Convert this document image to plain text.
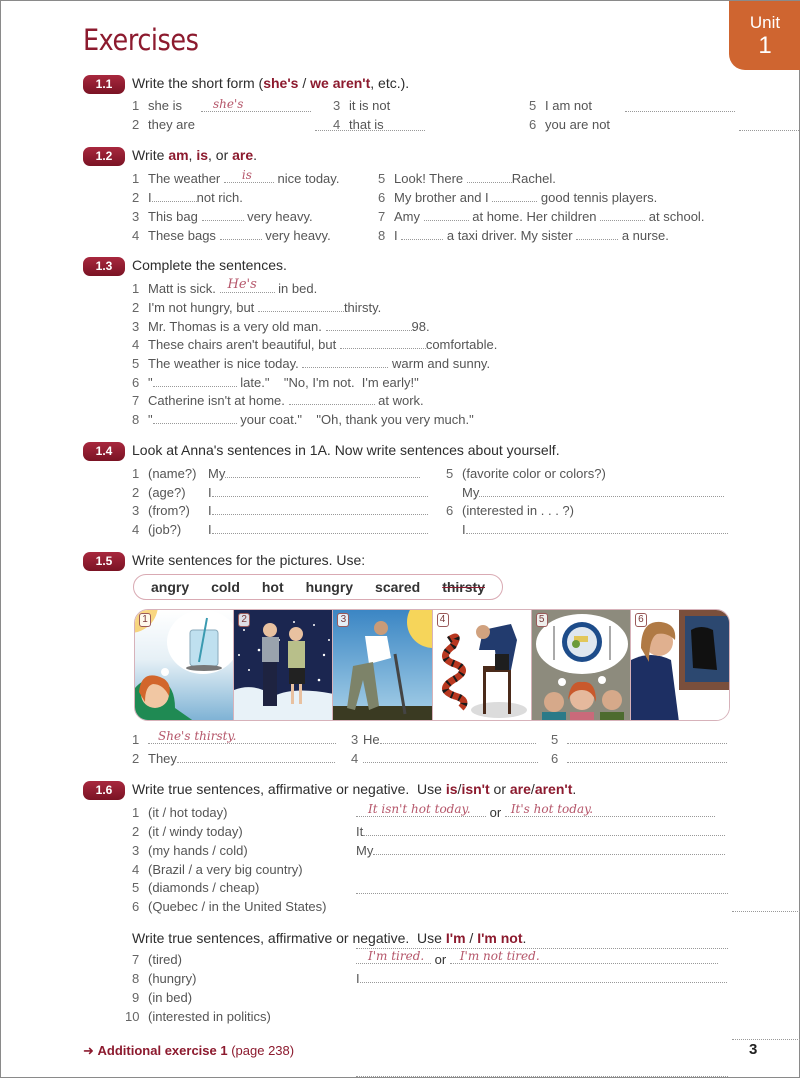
Exercises
Unit
1
1.1	Write the short form (she's / we aren't, etc.).
1 she is	she's

2 they are

3 it is not

4 that is

5 I am not

6 you are not

1.2	Write am, is, or are.
1 The weather is nice today.
2 I	not rich.
3 This bag	very heavy.
4 These bags	very heavy.
5 Look! There	Rachel.
6 My brother and I	good tennis players.
7 Amy	at home. Her children	at school.
8 I	a taxi driver. My sister	a nurse.
1.3	Complete the sentences.
1 Matt is sick. He's in bed.
2 I'm not hungry, but	thirsty.
3 Mr. Thomas is a very old man.	98.
4 These chairs aren't beautiful, but	comfortable.
5 The weather is nice today.	warm and sunny.
6 "	late."    "No, I'm not.  I'm early!"
7 Catherine isn't at home.	at work.
8 "	your coat."    "Oh, thank you very much."
1.4	Look at Anna's sentences in 1A. Now write sentences about yourself.
1 (name?) My
2 (age?) I
3 (from?) I
4 (job?) I
5 (favorite color or colors?)
My
6 (interested in . . . ?)
I
1.5	Write sentences for the pictures. Use:
angry cold hot hungry scared thirsty
1	2	3	4	5	6
1 She's thirsty.
2 They
3 He
4
5
6
1.6	Write true sentences, affirmative or negative.  Use is/isn't or are/aren't.
1 (it / hot today)	It isn't hot today. or It's hot today.
2 (it / windy today)	It
3 (my hands / cold)	My
4 (Brazil / a very big country)

5 (diamonds / cheap)

6 (Quebec / in the United States)

Write true sentences, affirmative or negative.  Use I'm / I'm not.
7 (tired)	I'm tired. or I'm not tired.
8 (hungry)	I
9 (in bed)

10 (interested in politics)
➜ Additional exercise 1 (page 238)	3
